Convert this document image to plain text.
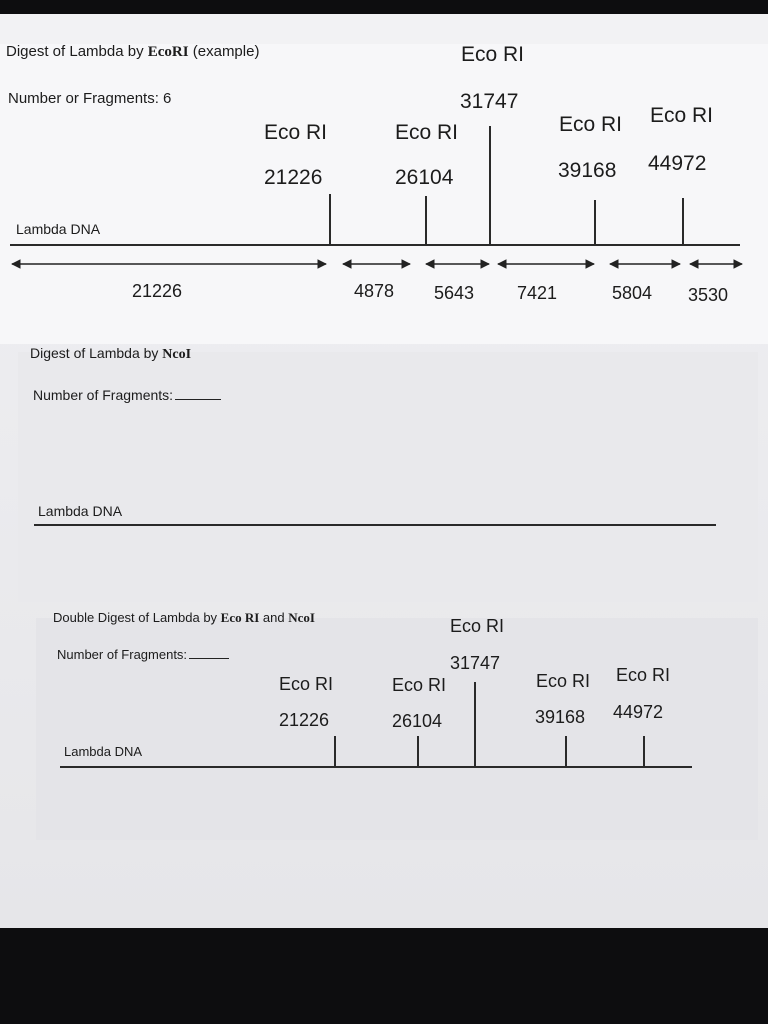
Digest of Lambda by EcoRI (example)
Number or Fragments: 6
Eco RI
21226
Eco RI
26104
Eco RI
31747
Eco RI
39168
Eco RI
44972
Lambda DNA
21226	4878 5643 7421	5804 3530
Digest of Lambda by NcoI
Number of Fragments:
Lambda DNA
Double Digest of Lambda by Eco RI and NcoI
Number of Fragments:
Eco RI
21226
Eco RI
26104
Eco RI
31747
Eco RI
39168
Eco RI
44972
Lambda DNA
